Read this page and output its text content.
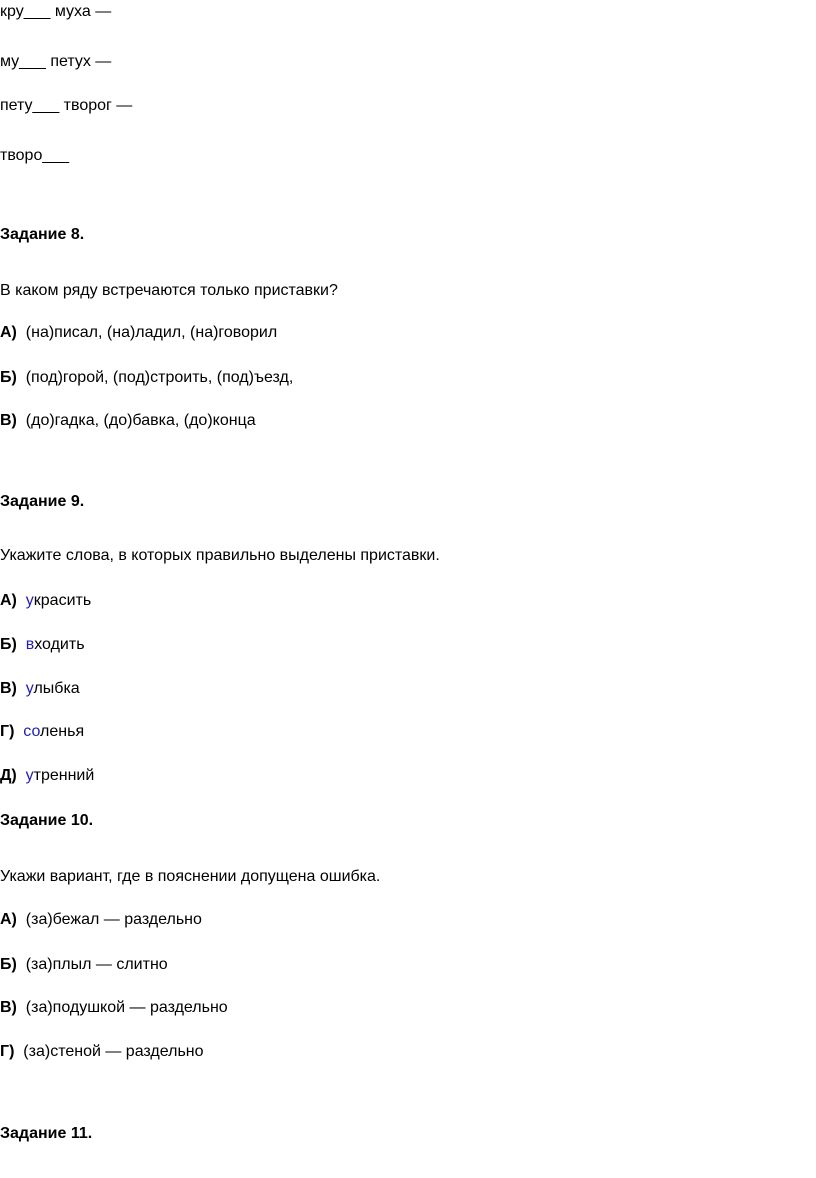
кру___ муха —

му___ петух —

пету___ творог —

творо___

Задание 8.

В каком ряду встречаются только приставки?

А) (на)писал, (на)ладил, (на)говорил

Б) (под)горой, (под)строить, (под)ъезд,

В) (до)гадка, (до)бавка, (до)конца

Задание 9.

Укажите слова, в которых правильно выделены приставки.

А) украсить

Б) входить

В) улыбка

Г) соленья

Д) утренний

Задание 10.

Укажи вариант, где в пояснении допущена ошибка.

А) (за)бежал — раздельно

Б) (за)плыл — слитно

В) (за)подушкой — раздельно

Г) (за)стеной — раздельно

Задание 11.
